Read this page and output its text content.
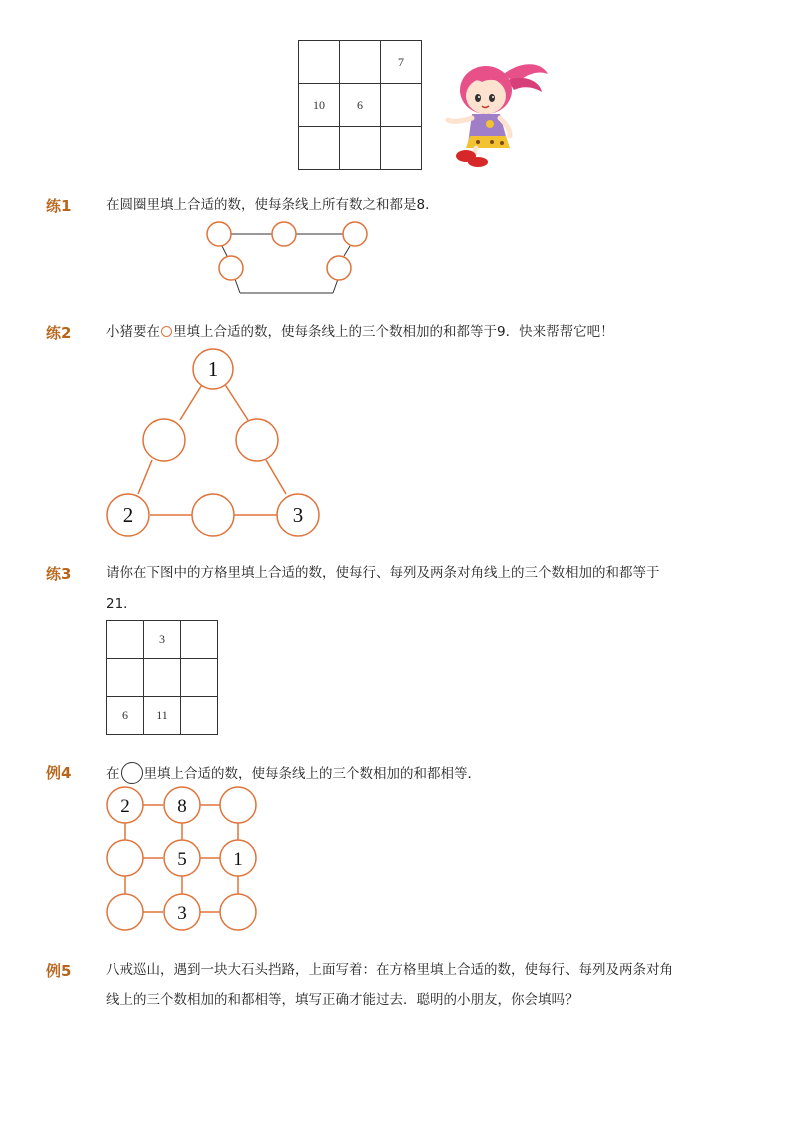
		7
10	6	

练1	在圆圈里填上合适的数，使每条线上所有数之和都是8．
练2	小猪要在 里填上合适的数，使每条线上的三个数相加的和都等于9．快来帮帮它吧！
1
2	3
练3	请你在下图中的方格里填上合适的数，使每行、每列及两条对角线上的三个数相加的和都等于
21．
	3	

6	11	
例4	在 里填上合适的数，使每条线上的三个数相加的和都相等．
2	8
5 1
3
例5	八戒巡山，遇到一块大石头挡路，上面写着：在方格里填上合适的数，使每行、每列及两条对角
线上的三个数相加的和都相等，填写正确才能过去．聪明的小朋友，你会填吗？
